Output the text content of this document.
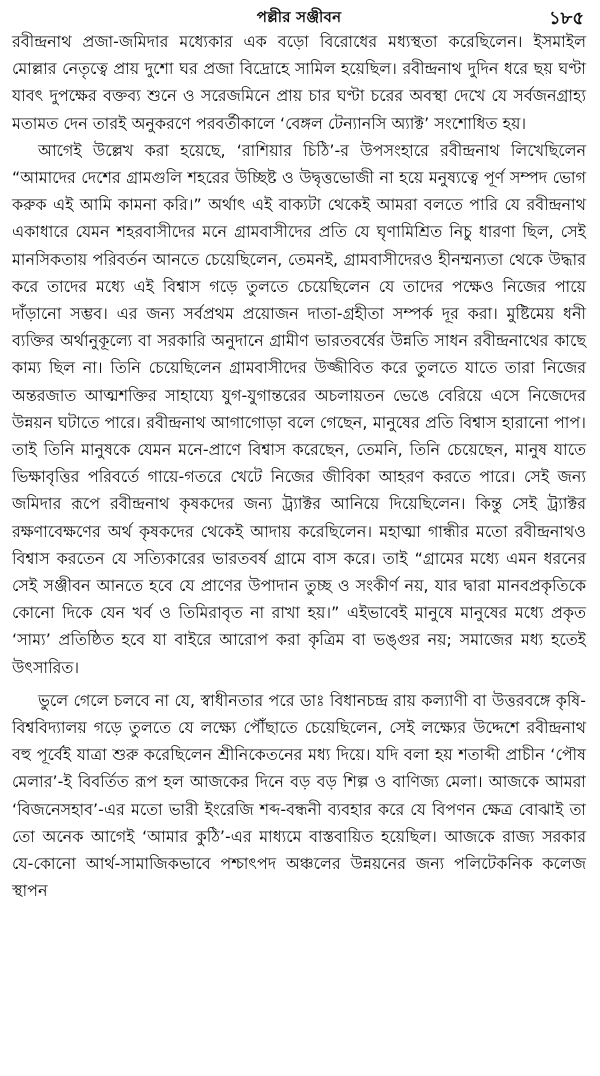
পল্লীর সঞ্জীবন	১৮৫

রবীন্দ্রনাথ প্রজা-জমিদার মধ্যেকার এক বড়ো বিরোধের মধ্যস্থতা করেছিলেন। ইসমাইল মোল্লার নেতৃত্বে প্রায় দুশো ঘর প্রজা বিদ্রোহে সামিল হয়েছিল। রবীন্দ্রনাথ দুদিন ধরে ছয় ঘণ্টা যাবৎ দুপক্ষের বক্তব্য শুনে ও সরেজমিনে প্রায় চার ঘণ্টা চরের অবস্থা দেখে যে সর্বজনগ্রাহ্য মতামত দেন তারই অনুকরণে পরবর্তীকালে ‘বেঙ্গল টেন্যানসি অ্যাক্ট’ সংশোধিত হয়।

আগেই উল্লেখ করা হয়েছে, ‘রাশিয়ার চিঠি’-র উপসংহারে রবীন্দ্রনাথ লিখেছিলেন “আমাদের দেশের গ্রামগুলি শহরের উচ্ছিষ্ট ও উদ্বৃত্তভোজী না হয়ে মনুষ্যত্বে পূর্ণ সম্পদ ভোগ করুক এই আমি কামনা করি।” অর্থাৎ এই বাক্যটা থেকেই আমরা বলতে পারি যে রবীন্দ্রনাথ একাধারে যেমন শহরবাসীদের মনে গ্রামবাসীদের প্রতি যে ঘৃণামিশ্রিত নিচু ধারণা ছিল, সেই মানসিকতায় পরিবর্তন আনতে চেয়েছিলেন, তেমনই, গ্রামবাসীদেরও হীনম্মন্যতা থেকে উদ্ধার করে তাদের মধ্যে এই বিশ্বাস গড়ে তুলতে চেয়েছিলেন যে তাদের পক্ষেও নিজের পায়ে দাঁড়ানো সম্ভব। এর জন্য সর্বপ্রথম প্রয়োজন দাতা-গ্রহীতা সম্পর্ক দূর করা। মুষ্টিমেয় ধনী ব্যক্তির অর্থানুকূল্যে বা সরকারি অনুদানে গ্রামীণ ভারতবর্ষের উন্নতি সাধন রবীন্দ্রনাথের কাছে কাম্য ছিল না। তিনি চেয়েছিলেন গ্রামবাসীদের উজ্জীবিত করে তুলতে যাতে তারা নিজের অন্তরজাত আত্মশক্তির সাহায্যে যুগ-যুগান্তরের অচলায়তন ভেঙে বেরিয়ে এসে নিজেদের উন্নয়ন ঘটাতে পারে। রবীন্দ্রনাথ আগাগোড়া বলে গেছেন, মানুষের প্রতি বিশ্বাস হারানো পাপ। তাই তিনি মানুষকে যেমন মনে-প্রাণে বিশ্বাস করেছেন, তেমনি, তিনি চেয়েছেন, মানুষ যাতে ভিক্ষাবৃত্তির পরিবর্তে গায়ে-গতরে খেটে নিজের জীবিকা আহরণ করতে পারে। সেই জন্য জমিদার রূপে রবীন্দ্রনাথ কৃষকদের জন্য ট্র্যাক্টর আনিয়ে দিয়েছিলেন। কিন্তু সেই ট্র্যাক্টর রক্ষণাবেক্ষণের অর্থ কৃষকদের থেকেই আদায় করেছিলেন। মহাত্মা গান্ধীর মতো রবীন্দ্রনাথও বিশ্বাস করতেন যে সত্যিকারের ভারতবর্ষ গ্রামে বাস করে। তাই “গ্রামের মধ্যে এমন ধরনের সেই সঞ্জীবন আনতে হবে যে প্রাণের উপাদান তুচ্ছ ও সংকীর্ণ নয়, যার দ্বারা মানবপ্রকৃতিকে কোনো দিকে যেন খর্ব ও তিমিরাবৃত না রাখা হয়।” এইভাবেই মানুষে মানুষের মধ্যে প্রকৃত ‘সাম্য’ প্রতিষ্ঠিত হবে যা বাইরে আরোপ করা কৃত্রিম বা ভঙ্গুর নয়; সমাজের মধ্য হতেই উৎসারিত।

ভুলে গেলে চলবে না যে, স্বাধীনতার পরে ডাঃ বিধানচন্দ্র রায় কল্যাণী বা উত্তরবঙ্গে কৃষি-বিশ্ববিদ্যালয় গড়ে তুলতে যে লক্ষ্যে পৌঁছাতে চেয়েছিলেন, সেই লক্ষ্যের উদ্দেশে রবীন্দ্রনাথ বহু পূর্বেই যাত্রা শুরু করেছিলেন শ্রীনিকেতনের মধ্য দিয়ে। যদি বলা হয় শতাব্দী প্রাচীন ‘পৌষ মেলার’-ই বিবর্তিত রূপ হল আজকের দিনে বড় বড় শিল্প ও বাণিজ্য মেলা। আজকে আমরা ‘বিজনেসহাব’-এর মতো ভারী ইংরেজি শব্দ-বন্ধনী ব্যবহার করে যে বিপণন ক্ষেত্র বোঝাই তা তো অনেক আগেই ‘আমার কুঠি’-এর মাধ্যমে বাস্তবায়িত হয়েছিল। আজকে রাজ্য সরকার যে-কোনো আর্থ-সামাজিকভাবে পশ্চাৎপদ অঞ্চলের উন্নয়নের জন্য পলিটেকনিক কলেজ স্থাপন
